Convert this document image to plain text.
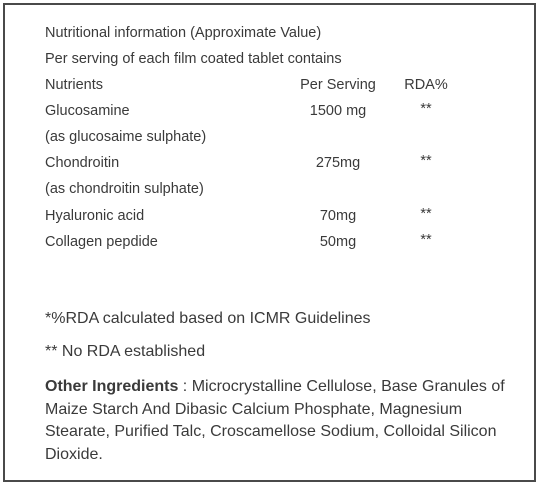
Nutritional information (Approximate Value)
Per serving of each film coated tablet contains
Nutrients	Per Serving	RDA%
Glucosamine	1500 mg	**
(as glucosaime sulphate)
Chondroitin	275mg	**
(as chondroitin sulphate)
Hyaluronic acid	70mg	**
Collagen pepdide	50mg	**
*%RDA calculated based on ICMR Guidelines
** No RDA established
Other Ingredients : Microcrystalline Cellulose, Base Granules of Maize Starch And Dibasic Calcium Phosphate, Magnesium Stearate, Purified Talc, Croscamellose Sodium, Colloidal Silicon Dioxide.
